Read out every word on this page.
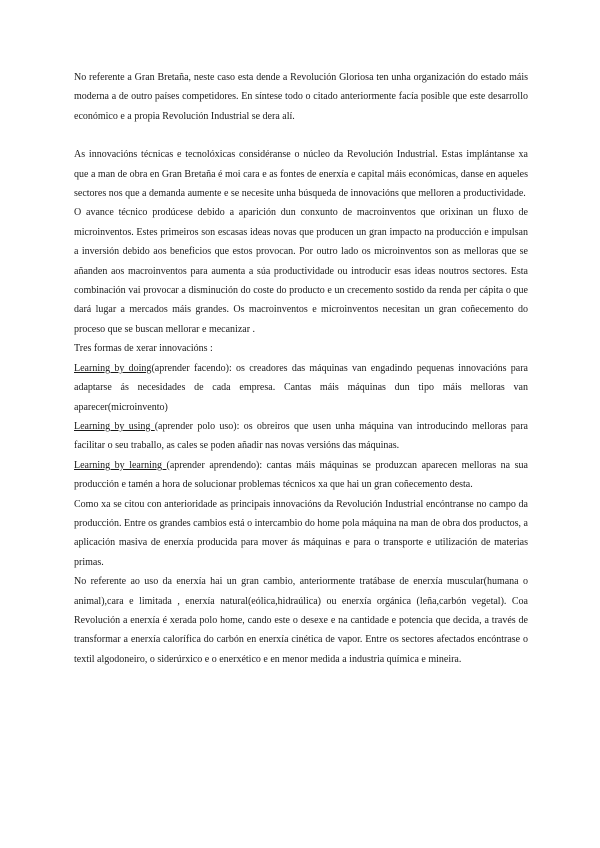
No referente a Gran Bretaña, neste caso esta dende a Revolución Gloriosa ten unha organización do estado máis moderna a de outro países competidores. En síntese todo o citado anteriormente facía posible que este desarrollo económico e a propia Revolución Industrial se dera alí.

As innovacións técnicas e tecnolóxicas considéranse o núcleo da Revolución Industrial. Estas implántanse xa que a man de obra en Gran Bretaña é moi cara e as fontes de enerxía e capital máis económicas, danse en aqueles sectores nos que a demanda aumente e se necesite unha búsqueda de innovacións que melloren a productividade.

O avance técnico prodúcese debido a aparición dun conxunto de macroinventos que orixinan un fluxo de microinventos. Estes primeiros son escasas ideas novas que producen un gran impacto na producción e impulsan a inversión debido aos beneficios que estos provocan. Por outro lado os microinventos son as melloras que se añanden aos macroinventos para aumenta a súa productividade ou introducir esas ideas noutros sectores. Esta combinación vai provocar a disminución do coste do producto e un crecemento sostido da renda per cápita o que dará lugar a mercados máis grandes. Os macroinventos e microinventos necesitan un gran coñecemento do proceso que se buscan mellorar e mecanizar .

Tres formas de xerar innovacións :

Learning by doing(aprender facendo): os creadores das máquinas van engadindo pequenas innovacións para adaptarse ás necesidades de cada empresa. Cantas máis máquinas dun tipo máis melloras van aparecer(microinvento)

Learning by using (aprender polo uso): os obreiros que usen unha máquina van introducindo melloras para facilitar o seu traballo, as cales se poden añadir nas novas versións das máquinas.

Learning by learning (aprender aprendendo): cantas máis máquinas se produzcan aparecen melloras na sua producción e tamén a hora de solucionar problemas técnicos xa que hai un gran coñecemento desta.

Como xa se citou con anterioridade as principais innovacións da Revolución Industrial encóntranse no campo da producción. Entre os grandes cambios está o intercambio do home pola máquina na man de obra dos productos, a aplicación masiva de enerxía producida para mover ás máquinas e para o transporte e utilización de materias primas.

No referente ao uso da enerxía hai un gran cambio, anteriormente tratábase de enerxía muscular(humana o animal),cara e limitada , enerxía natural(eólica,hidraúlica) ou enerxía orgánica (leña,carbón vegetal). Coa Revolución a enerxía é xerada polo home, cando este o desexe e na cantidade e potencia que decida, a través de transformar a enerxía calorífica do carbón en enerxía cinética de vapor. Entre os sectores afectados encóntrase o textil algodoneiro, o siderúrxico e o enerxético e en menor medida a industria química e mineira.
